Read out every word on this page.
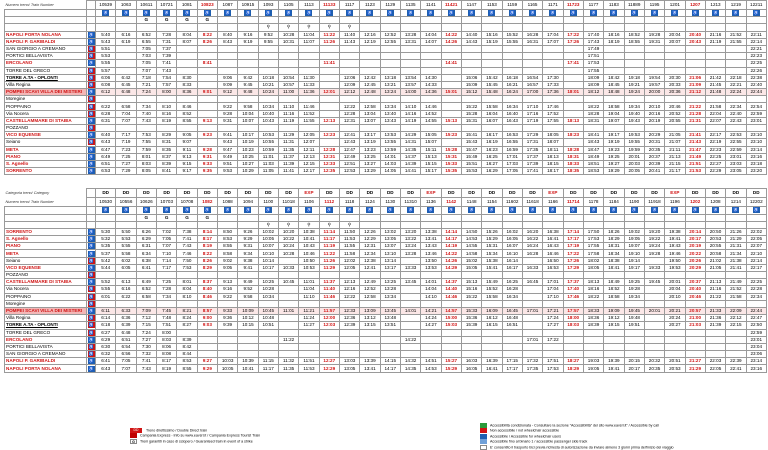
Numero treno/ Train Number		10539	1063	10611	10721	1081	10823	1087	10915	1093	1105	1113	11133	1117	1123	1129	1135	1141	11421	1147	1153	1159	1165	1171	11723	1177	1183	11889	1195	1201	1207	1213	1219	12211
		♿	♿	♿	♿	♿	♿	♿	♿	♿	♿	♿	♿	♿	♿	♿	♿	♿	♿	♿	♿	♿	♿	♿	♿	♿	♿	♿	♿	♿	♿	♿	♿	♿
				G	G	G	G																											
										⚲	⚲	⚲	⚲	⚲																				
NAPOLI PORTA NOLANA	♿	5:40	6:16	6:52	7:28	8:04	8:22	8:40	9:16	9:52	10:28	11:04	11:22	11:40	12:16	12:52	13:28	14:04	14:22	14:40	15:16	15:52	16:28	17:04	17:22	17:40	18:16	18:52	19:28	20:04	20:40	21:16	21:52	22:11
NAPOLI P. GARIBALDI	♿	5:43	6:19	6:55	7:31	8:07	8:26	8:43	9:19	9:55	10:31	11:07	11:26	11:43	12:19	12:55	13:31	14:07	14:26	14:43	15:19	15:55	16:31	17:07	17:26	17:43	18:19	18:55	19:31	20:07	20:43	21:19	21:55	22:14
SAN GIORGIO A CREMANO	♿	5:51		7:05	7:37																					17:49								22:21
PORTICI BELLAVISTA	♿	5:53		7:03	7:39																					17:51								22:23
ERCOLANO	♿	5:55		7:05	7:41		8:41						11:41						14:41						17:41	17:53								22:25
TORRE DEL GRECO	♿	5:57		7:07	7:43																					17:55								22:26
TORRE A.TA - OPLONTI	♿	6:06	6:42	7:18	7:54	8:30		9:06	9:42	10:18	10:54	11:30		12:06	12:42	13:18	13:54	14:30		15:06	15:42	16:18	16:54	17:30		18:09	18:42	19:18	19:54	20:30	21:06	21:42	22:18	22:38
Villa Regina	♿	6:08	6:45	7:21	7:57	8:33		9:09	9:45	10:21	10:57	11:33		12:09	12:45	13:21	13:57	14:33		15:09	15:45	16:21	16:57	17:33		18:09	18:45	19:21	19:57	20:33	21:09	21:45	22:21	22:40
POMPEI SCAVI VILLA DEI MISTERI	♿	6:12	6:48	7:24	8:00	8:36	9:01	9:12	9:48	10:24	11:00	11:36	12:01	12:12	12:48	13:24	14:00	14:36	15:01	15:12	15:48	16:24	17:00	17:36	18:01	18:12	18:48	19:24	20:00	20:36	21:12	21:48	22:24	22:44
Moregine	♿																																	
PIOPPAINO	♿	6:22	6:58	7:34	8:10	8:46		9:22	9:58	10:34	11:10	11:46		12:22	12:58	13:34	14:10	14:46		15:22	15:58	16:34	17:10	17:46		18:22	18:58	19:34	20:10	20:46	21:22	21:58	22:34	22:54
Via Nocera	♿	6:28	7:04	7:40	8:16	8:52		9:28	10:04	10:40	11:16	11:52		12:28	13:04	13:40	14:16	14:52		15:28	16:04	16:40	17:16	17:52		18:28	19:04	19:40	20:16	20:52	21:28	22:04	22:40	22:59
CASTELLAMMARE DI STABIA	♿	6:31	7:07	7:43	8:19	8:55	9:13	9:31	10:07	10:43	11:19	11:55	12:13	12:31	13:07	13:43	14:19	14:55	15:13	15:31	16:07	16:43	17:19	17:55	18:13	18:31	19:07	19:43	20:19	20:55	21:31	22:07	22:43	23:01
POZZANO	♿																																	
VICO EQUENSE	♿	6:40	7:17	7:53	8:29	9:05	9:23	9:41	10:17	10:53	11:29	12:05	12:23	12:41	13:17	13:53	14:29	15:05	15:23	15:41	16:17	16:53	17:29	18:05	18:23	18:41	19:17	19:53	20:29	21:05	21:41	22:17	22:53	23:10
Seiano	♿	6:43	7:19	7:55	8:31	9:07		9:43	10:19	10:55	11:31	12:07		12:43	13:19	13:55	14:31	15:07		15:43	16:19	16:55	17:31	18:07		18:43	19:19	19:55	20:31	21:07	21:43	22:19	22:55	23:10
META	♿	6:47	7:23	7:59	8:35	9:11	9:28	9:47	10:23	10:59	11:35	12:11	12:28	12:47	13:23	13:59	14:35	15:11	15:28	15:47	16:23	16:59	17:35	18:11	18:28	18:47	19:23	19:59	20:35	21:11	21:47	22:23	22:59	23:14
PIANO	♿	6:49	7:25	8:01	8:37	9:13	9:31	9:49	10:25	11:01	11:37	12:13	12:31	12:49	13:25	14:01	14:37	15:13	15:31	15:49	16:25	17:01	17:37	18:13	18:31	18:49	19:25	20:01	20:37	21:13	21:49	22:25	23:01	23:16
S. Agnello	♿	6:51	7:27	8:03	8:39	9:15	9:33	9:51	10:27	11:03	11:39	12:15	12:33	12:51	13:27	14:03	14:39	15:15	15:33	15:51	16:27	17:03	17:39	18:15	18:33	18:51	19:27	20:03	20:39	21:15	21:51	22:27	23:03	23:18
SORRENTO	♿	6:53	7:29	8:05	8:41	9:17	9:35	9:53	10:29	11:05	11:41	12:17	12:35	12:53	13:29	14:05	14:41	15:17	15:35	15:53	16:29	17:05	17:41	18:17	18:35	18:53	19:29	20:05	20:41	21:17	21:53	22:29	23:05	23:20

Categoria treno/ Category		DD	DD	DD	DD	DD	DD	DD	DD	DD	DD	EXP	DD	DD	DD	DD	DD	EXP	DD	DD	DD	DD	DD	EXP	DD	DD	DD	DD	DD	EXP	DD	DD	DD	DD
Numero treno/ Train Number		10530	10556	10626	10703	10708	1082	1088	1094	1100	11018	1106	1112	1118	1124	1130	11310	1136	1142	1148	1154	11602	11618	1166	11714	1178	1184	1190	11918	1196	1202	1208	1214	12202
		♿	♿	♿	♿	♿	♿	♿	♿	♿	♿	♿	♿	♿	♿	♿	♿	♿	♿	♿	♿	♿	♿	♿	♿	♿	♿	♿	♿	♿	♿	♿	♿	♿
				G	G	G	G																											
										⚲	⚲	⚲	⚲	⚲																				
SORRENTO	♿	5:30	5:50	6:26	7:02	7:38	8:14	8:50	9:26	10:02	10:20	10:38	11:14	11:50	12:26	13:02	13:20	13:38	14:14	14:50	15:26	16:02	16:20	16:38	17:14	17:50	18:26	19:02	19:20	19:38	20:14	20:50	21:26	22:02
S. Agnello	♿	5:32	5:53	6:29	7:05	7:41	8:17	8:53	9:29	10:05	10:22	10:41	11:17	11:53	12:29	13:05	13:22	13:41	14:17	14:53	15:29	16:05	16:22	16:41	17:17	17:53	18:29	19:05	19:22	19:41	20:17	20:53	21:29	22:05
PIANO	♿	5:35	5:55	6:31	7:07	7:43	8:19	8:55	9:31	10:07	10:24	10:43	11:19	11:55	12:31	13:07	13:24	13:43	14:19	14:55	15:31	16:07	16:24	16:43	17:19	17:55	18:31	19:07	19:24	19:43	20:19	20:55	21:31	22:07
META	♿	5:37	5:58	6:34	7:10	7:46	8:22	8:58	9:34	10:10	10:28	10:46	11:22	11:58	12:34	13:10	13:28	13:46	14:22	14:58	15:34	16:10	16:28	16:46	17:22	17:58	18:34	19:10	19:28	19:46	20:22	20:58	21:34	22:10
Seiano	♿	5:42	6:02	6:38	7:14	7:50	8:26	9:02	9:38	10:14		10:50	11:26	12:02	12:38	13:14		13:50	14:26	15:02	15:38	16:14		16:50	17:26	18:02	18:38	19:14		19:50	20:26	21:02	21:38	22:14
VICO EQUENSE	♿	5:44	6:05	6:41	7:17	7:53	8:29	9:05	9:41	10:17	10:33	10:53	11:29	12:05	12:41	13:17	13:33	13:53	14:29	15:05	15:41	16:17	16:33	16:53	17:29	18:05	18:41	19:17	19:33	19:53	20:29	21:05	21:41	22:17
POZZANO	♿																																	
CASTELLAMMARE DI STABIA	♿	5:52	6:13	6:49	7:25	8:01	8:37	9:13	9:49	10:25	10:45	11:01	11:37	12:13	12:49	13:25	13:45	14:01	14:37	15:13	15:49	16:25	16:45	17:01	17:37	18:13	18:49	19:25	19:45	20:01	20:37	21:13	21:49	22:25
Via Nocera	♿	5:55	6:16	6:52	7:28	8:04	8:40	9:16	9:52	10:28		11:04	11:40	12:16	12:52	13:28		14:04	14:40	15:16	15:52	16:28		17:04	17:40	18:16	18:52	19:28		20:04	20:40	21:16	21:52	22:28
PIOPPAINO	♿	6:01	6:22	6:58	7:34	8:10	8:46	9:22	9:58	10:34		11:10	11:46	12:22	12:58	13:34		14:10	14:46	15:22	15:58	16:34		17:10	17:46	18:22	18:58	19:34		20:10	20:46	21:22	21:58	22:34
Moregine	♿																																	
POMPEI SCAVI VILLA DEI MISTERI	♿	6:11	6:33	7:09	7:45	8:21	8:57	9:33	10:09	10:45	11:01	11:21	11:57	12:33	13:09	13:45	14:01	14:21	14:57	15:33	16:09	16:45	17:01	17:21	17:57	18:33	19:09	19:45	20:01	20:21	20:57	21:33	22:09	22:44
Villa Regina	♿	6:14	6:36	7:12	7:48	8:24	9:00	9:36	10:12	10:48		11:24	12:00	12:36	13:12	13:48		14:24	15:00	15:36	16:12	16:48		17:24	18:00	18:36	19:12	19:48		20:24	21:00	21:36	22:12	22:47
TORRE A.TA - OPLONTI	♿	6:18	6:39	7:15	7:51	8:27	9:03	9:39	10:15	10:51		11:27	12:03	12:39	13:15	13:51		14:27	15:03	15:39	16:15	16:51		17:27	18:03	18:39	19:15	19:51		20:27	21:03	21:39	22:15	22:50
TORRE DEL GRECO	♿	6:27	6:48	7:24	8:00																													22:59
ERCOLANO	♿	6:29	6:51	7:27	8:03	8:39					11:22						14:22						17:01	17:22										23:01
PORTICI BELLAVISTA	♿	6:30	6:54	7:30	8:06	8:42																												23:04
SAN GIORGIO A CREMANO	♿	6:32	6:56	7:32	8:08	8:44																												23:06
NAPOLI P. GARIBALDI	♿	6:41	7:05	7:41	8:17	8:53	9:27	10:03	10:39	11:15	11:32	11:51	12:27	13:03	13:39	14:15	14:32	14:51	15:27	16:03	16:39	17:15	17:32	17:51	18:27	19:03	19:39	20:15	20:32	20:51	21:27	22:03	22:39	23:14
NAPOLI PORTA NOLANA	♿	6:43	7:07	7:43	8:19	8:55	9:29	10:05	10:41	11:17	11:35	11:53	12:29	13:05	13:41	14:17	14:35	14:53	15:29	16:05	16:41	17:17	17:35	17:53	18:29	19:05	19:41	20:17	20:35	20:53	21:29	22:05	22:41	23:16
DD Treno direttissimo / Double Direct train
Campania Express - Info su www.eavsrl.it / Campania Express Tourist Train
G Treni garantiti in caso di sciopero / Guaranteed train in event of a strike
Accessibilità condizionata - Consultare la sezione "Accessibilità" del sito www.eavsrl.it" / Accessible by call
Non accessibile / not wheelchair accessible
Accessibile / Accessible for wheelchair users
Accessibile fino al binario 1 / accessible passenger side track
E' consentito il trasporto bici previa richiesta di autorizzazione da inviare almeno 3 giorni prima dell'inizio del viaggio
